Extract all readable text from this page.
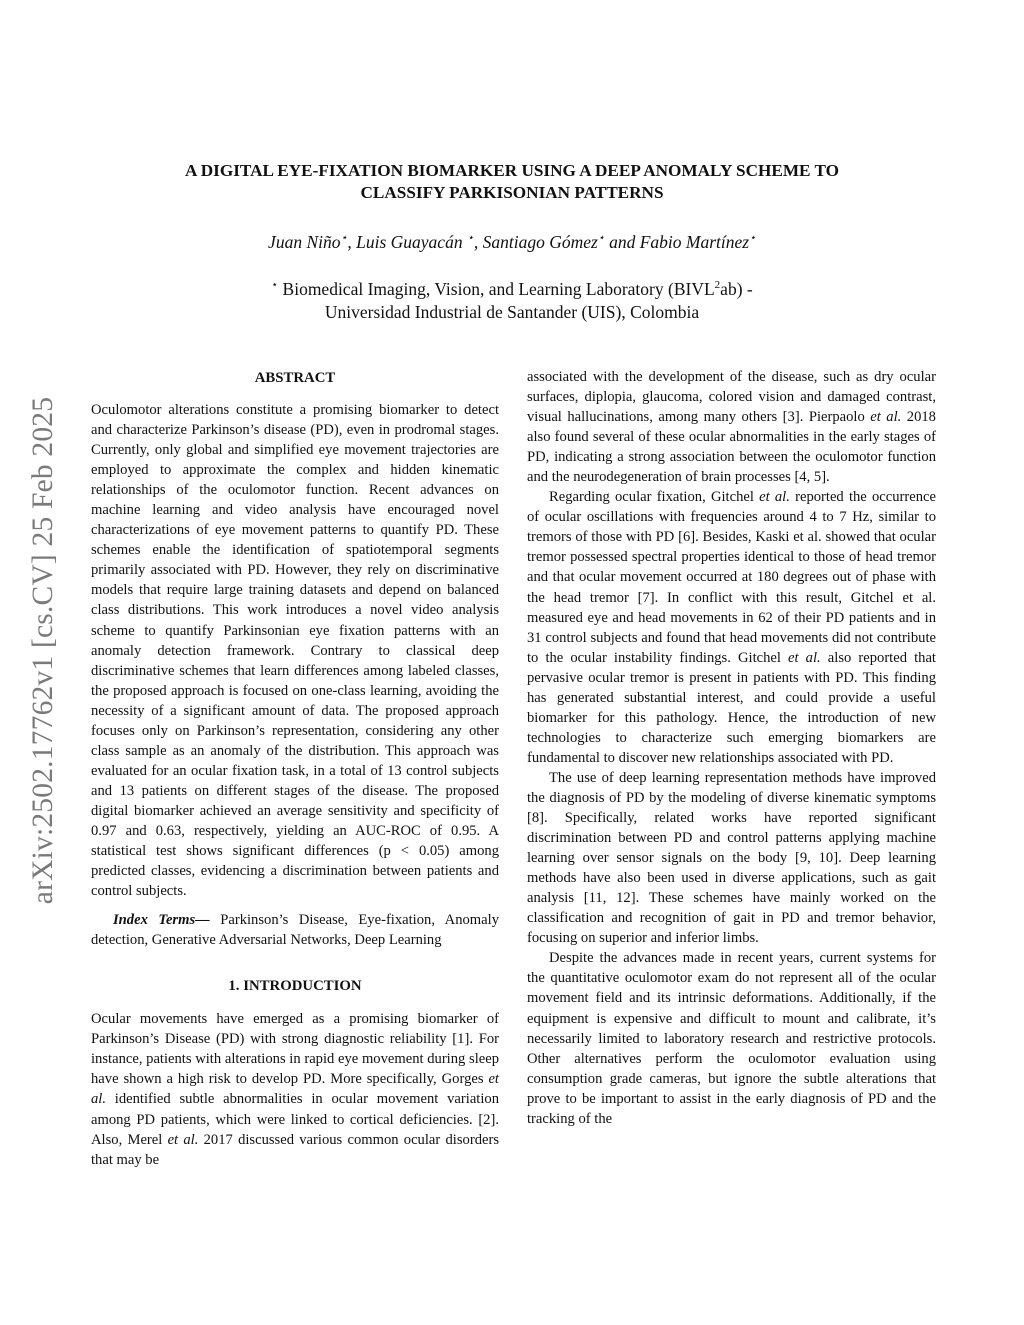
arXiv:2502.17762v1 [cs.CV] 25 Feb 2025
A DIGITAL EYE-FIXATION BIOMARKER USING A DEEP ANOMALY SCHEME TO
CLASSIFY PARKISONIAN PATTERNS
Juan Niño⋆, Luis Guayacán ⋆, Santiago Gómez⋆ and Fabio Martínez⋆
⋆ Biomedical Imaging, Vision, and Learning Laboratory (BIVL$^2$ab) -
Universidad Industrial de Santander (UIS), Colombia
ABSTRACT

Oculomotor alterations constitute a promising biomarker to detect and characterize Parkinson’s disease (PD), even in prodromal stages. Currently, only global and simplified eye movement trajectories are employed to approximate the complex and hidden kinematic relationships of the oculomotor function. Recent advances on machine learning and video analysis have encouraged novel characterizations of eye movement patterns to quantify PD. These schemes enable the identification of spatiotemporal segments primarily associated with PD. However, they rely on discriminative models that require large training datasets and depend on balanced class distributions. This work introduces a novel video analysis scheme to quantify Parkinsonian eye fixation patterns with an anomaly detection framework. Contrary to classical deep discriminative schemes that learn differences among labeled classes, the proposed approach is focused on one-class learning, avoiding the necessity of a significant amount of data. The proposed approach focuses only on Parkinson’s representation, considering any other class sample as an anomaly of the distribution. This approach was evaluated for an ocular fixation task, in a total of 13 control subjects and 13 patients on different stages of the disease. The proposed digital biomarker achieved an average sensitivity and specificity of 0.97 and 0.63, respectively, yielding an AUC-ROC of 0.95. A statistical test shows significant differences (p < 0.05) among predicted classes, evidencing a discrimination between patients and control subjects.

Index Terms— Parkinson’s Disease, Eye-fixation, Anomaly detection, Generative Adversarial Networks, Deep Learning

1. INTRODUCTION

Ocular movements have emerged as a promising biomarker of Parkinson’s Disease (PD) with strong diagnostic reliability [1]. For instance, patients with alterations in rapid eye movement during sleep have shown a high risk to develop PD. More specifically, Gorges et al. identified subtle abnormalities in ocular movement variation among PD patients, which were linked to cortical deficiencies. [2]. Also, Merel et al. 2017 discussed various common ocular disorders that may be

associated with the development of the disease, such as dry ocular surfaces, diplopia, glaucoma, colored vision and damaged contrast, visual hallucinations, among many others [3]. Pierpaolo et al. 2018 also found several of these ocular abnormalities in the early stages of PD, indicating a strong association between the oculomotor function and the neurodegeneration of brain processes [4, 5].

Regarding ocular fixation, Gitchel et al. reported the occurrence of ocular oscillations with frequencies around 4 to 7 Hz, similar to tremors of those with PD [6]. Besides, Kaski et al. showed that ocular tremor possessed spectral properties identical to those of head tremor and that ocular movement occurred at 180 degrees out of phase with the head tremor [7]. In conflict with this result, Gitchel et al. measured eye and head movements in 62 of their PD patients and in 31 control subjects and found that head movements did not contribute to the ocular instability findings. Gitchel et al. also reported that pervasive ocular tremor is present in patients with PD. This finding has generated substantial interest, and could provide a useful biomarker for this pathology. Hence, the introduction of new technologies to characterize such emerging biomarkers are fundamental to discover new relationships associated with PD.

The use of deep learning representation methods have improved the diagnosis of PD by the modeling of diverse kinematic symptoms [8]. Specifically, related works have reported significant discrimination between PD and control patterns applying machine learning over sensor signals on the body [9, 10]. Deep learning methods have also been used in diverse applications, such as gait analysis [11, 12]. These schemes have mainly worked on the classification and recognition of gait in PD and tremor behavior, focusing on superior and inferior limbs.

Despite the advances made in recent years, current systems for the quantitative oculomotor exam do not represent all of the ocular movement field and its intrinsic deformations. Additionally, if the equipment is expensive and difficult to mount and calibrate, it’s necessarily limited to laboratory research and restrictive protocols. Other alternatives perform the oculomotor evaluation using consumption grade cameras, but ignore the subtle alterations that prove to be important to assist in the early diagnosis of PD and the tracking of the
